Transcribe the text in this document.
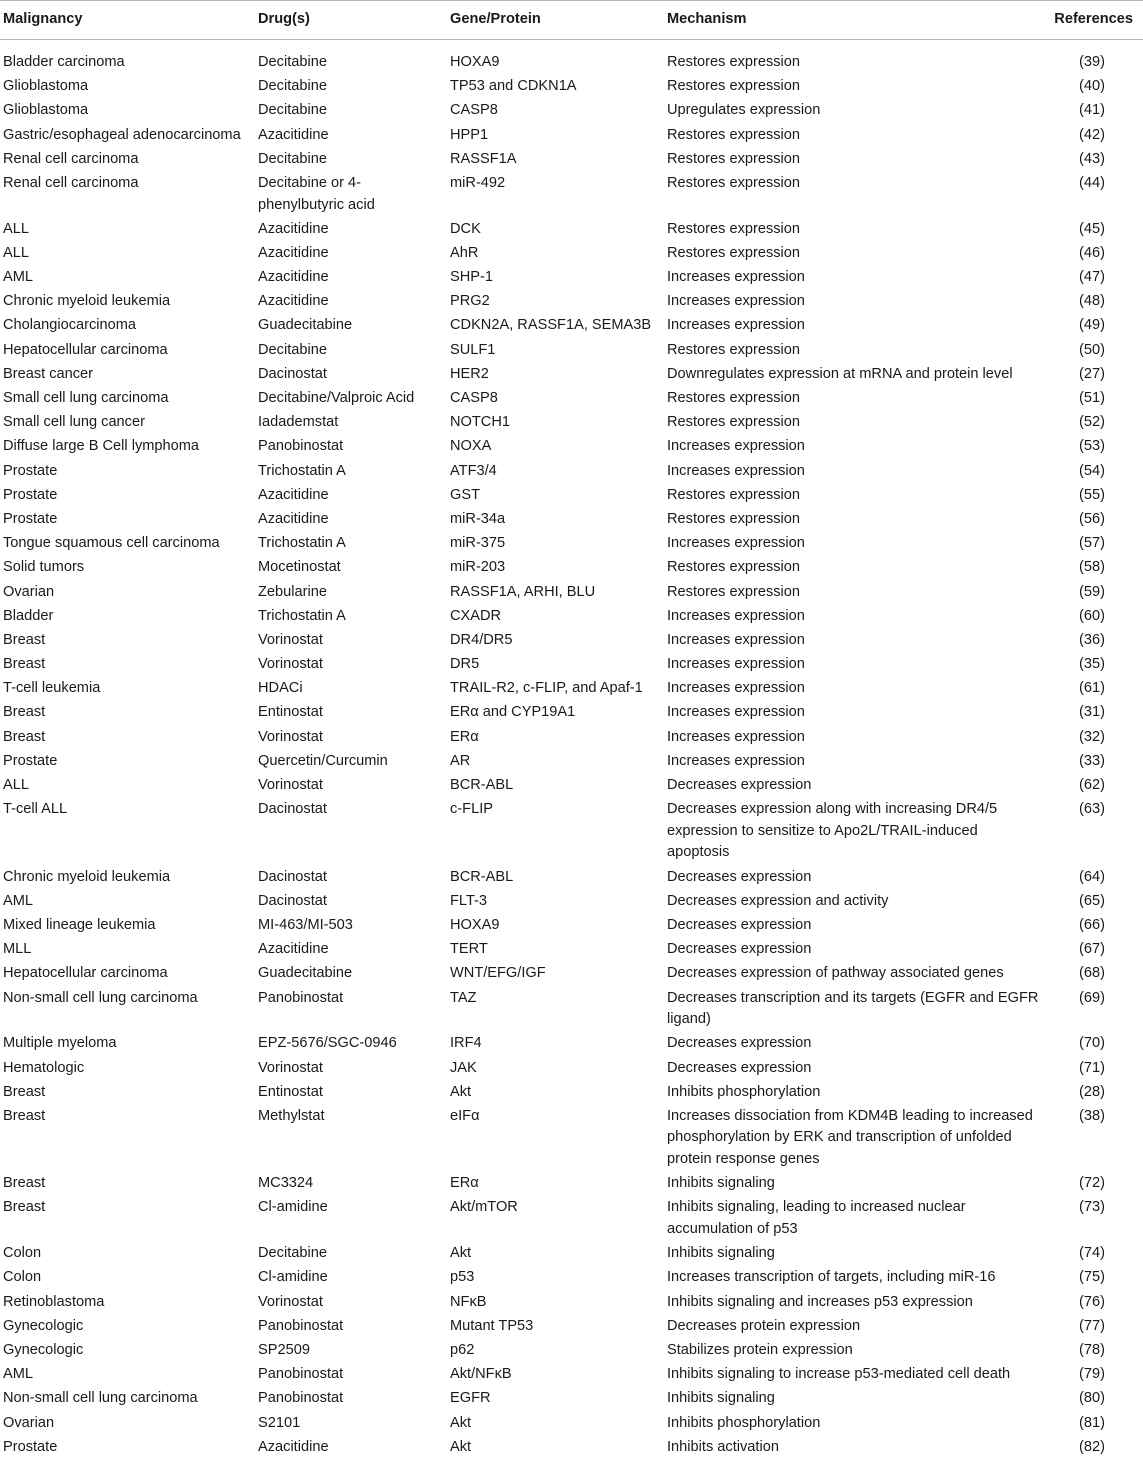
Malignancy	Drug(s)	Gene/Protein	Mechanism	References
Bladder carcinoma	Decitabine	HOXA9	Restores expression	(39)
Glioblastoma	Decitabine	TP53 and CDKN1A	Restores expression	(40)
Glioblastoma	Decitabine	CASP8	Upregulates expression	(41)
Gastric/esophageal adenocarcinoma	Azacitidine	HPP1	Restores expression	(42)
Renal cell carcinoma	Decitabine	RASSF1A	Restores expression	(43)
Renal cell carcinoma	Decitabine or 4-phenylbutyric acid	miR-492	Restores expression	(44)
ALL	Azacitidine	DCK	Restores expression	(45)
ALL	Azacitidine	AhR	Restores expression	(46)
AML	Azacitidine	SHP-1	Increases expression	(47)
Chronic myeloid leukemia	Azacitidine	PRG2	Increases expression	(48)
Cholangiocarcinoma	Guadecitabine	CDKN2A, RASSF1A, SEMA3B	Increases expression	(49)
Hepatocellular carcinoma	Decitabine	SULF1	Restores expression	(50)
Breast cancer	Dacinostat	HER2	Downregulates expression at mRNA and protein level	(27)
Small cell lung carcinoma	Decitabine/Valproic Acid	CASP8	Restores expression	(51)
Small cell lung cancer	Iadademstat	NOTCH1	Restores expression	(52)
Diffuse large B Cell lymphoma	Panobinostat	NOXA	Increases expression	(53)
Prostate	Trichostatin A	ATF3/4	Increases expression	(54)
Prostate	Azacitidine	GST	Restores expression	(55)
Prostate	Azacitidine	miR-34a	Restores expression	(56)
Tongue squamous cell carcinoma	Trichostatin A	miR-375	Increases expression	(57)
Solid tumors	Mocetinostat	miR-203	Restores expression	(58)
Ovarian	Zebularine	RASSF1A, ARHI, BLU	Restores expression	(59)
Bladder	Trichostatin A	CXADR	Increases expression	(60)
Breast	Vorinostat	DR4/DR5	Increases expression	(36)
Breast	Vorinostat	DR5	Increases expression	(35)
T-cell leukemia	HDACi	TRAIL-R2, c-FLIP, and Apaf-1	Increases expression	(61)
Breast	Entinostat	ERα and CYP19A1	Increases expression	(31)
Breast	Vorinostat	ERα	Increases expression	(32)
Prostate	Quercetin/Curcumin	AR	Increases expression	(33)
ALL	Vorinostat	BCR-ABL	Decreases expression	(62)
T-cell ALL	Dacinostat	c-FLIP	Decreases expression along with increasing DR4/5 expression to sensitize to Apo2L/TRAIL-induced apoptosis	(63)
Chronic myeloid leukemia	Dacinostat	BCR-ABL	Decreases expression	(64)
AML	Dacinostat	FLT-3	Decreases expression and activity	(65)
Mixed lineage leukemia	MI-463/MI-503	HOXA9	Decreases expression	(66)
MLL	Azacitidine	TERT	Decreases expression	(67)
Hepatocellular carcinoma	Guadecitabine	WNT/EFG/IGF	Decreases expression of pathway associated genes	(68)
Non-small cell lung carcinoma	Panobinostat	TAZ	Decreases transcription and its targets (EGFR and EGFR ligand)	(69)
Multiple myeloma	EPZ-5676/SGC-0946	IRF4	Decreases expression	(70)
Hematologic	Vorinostat	JAK	Decreases expression	(71)
Breast	Entinostat	Akt	Inhibits phosphorylation	(28)
Breast	Methylstat	eIFα	Increases dissociation from KDM4B leading to increased phosphorylation by ERK and transcription of unfolded protein response genes	(38)
Breast	MC3324	ERα	Inhibits signaling	(72)
Breast	Cl-amidine	Akt/mTOR	Inhibits signaling, leading to increased nuclear accumulation of p53	(73)
Colon	Decitabine	Akt	Inhibits signaling	(74)
Colon	Cl-amidine	p53	Increases transcription of targets, including miR-16	(75)
Retinoblastoma	Vorinostat	NFκB	Inhibits signaling and increases p53 expression	(76)
Gynecologic	Panobinostat	Mutant TP53	Decreases protein expression	(77)
Gynecologic	SP2509	p62	Stabilizes protein expression	(78)
AML	Panobinostat	Akt/NFκB	Inhibits signaling to increase p53-mediated cell death	(79)
Non-small cell lung carcinoma	Panobinostat	EGFR	Inhibits signaling	(80)
Ovarian	S2101	Akt	Inhibits phosphorylation	(81)
Prostate	Azacitidine	Akt	Inhibits activation	(82)
